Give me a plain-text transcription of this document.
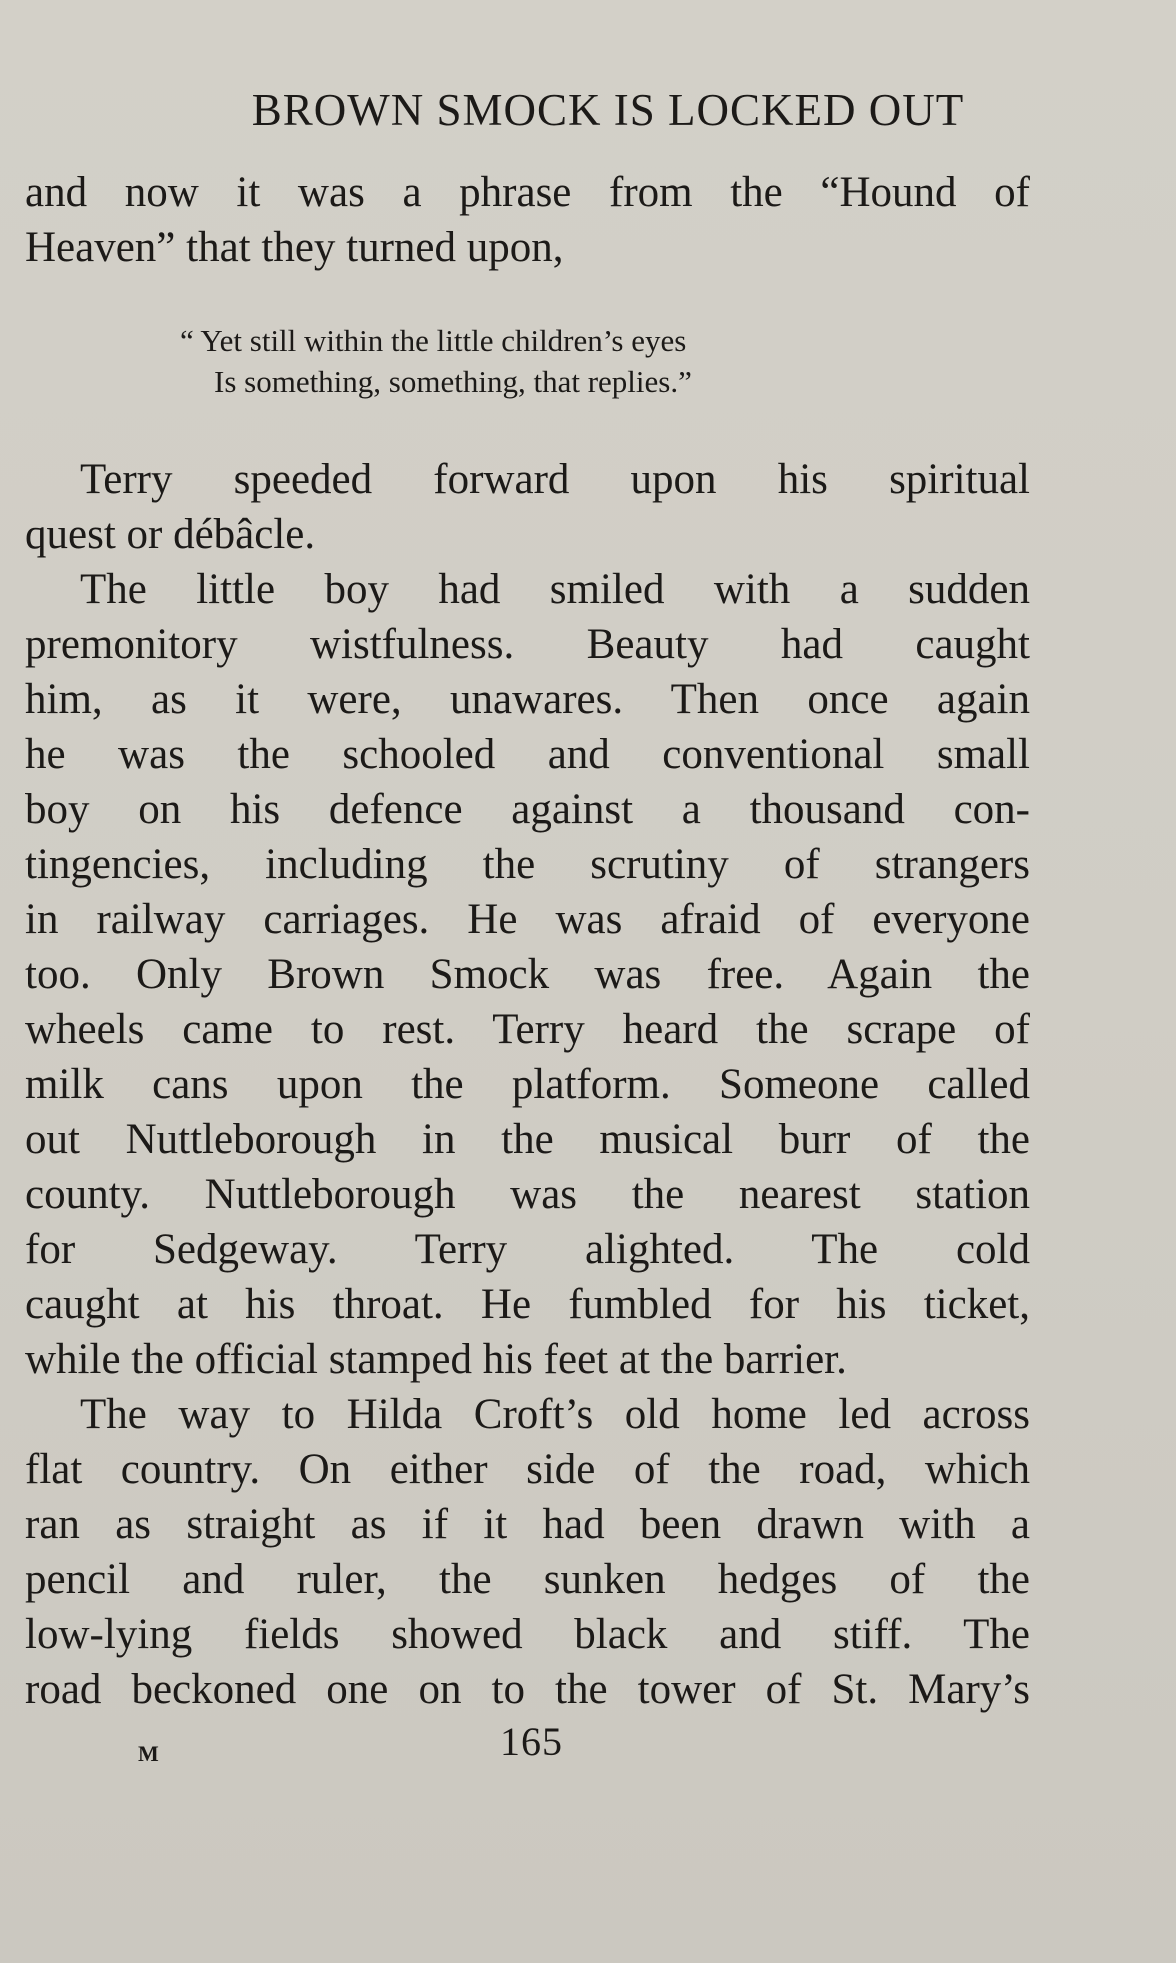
BROWN SMOCK IS LOCKED OUT
and now it was a phrase from the “Hound of
Heaven” that they turned upon,
“ Yet still within the little children’s eyes
Is something, something, that replies.”
Terry speeded forward upon his spiritual
quest or débâcle.
The little boy had smiled with a sudden
premonitory wistfulness. Beauty had caught
him, as it were, unawares. Then once again
he was the schooled and conventional small
boy on his defence against a thousand con-
tingencies, including the scrutiny of strangers
in railway carriages. He was afraid of everyone
too. Only Brown Smock was free. Again the
wheels came to rest. Terry heard the scrape of
milk cans upon the platform. Someone called
out Nuttleborough in the musical burr of the
county. Nuttleborough was the nearest station
for Sedgeway. Terry alighted. The cold
caught at his throat. He fumbled for his ticket,
while the official stamped his feet at the barrier.
The way to Hilda Croft’s old home led across
flat country. On either side of the road, which
ran as straight as if it had been drawn with a
pencil and ruler, the sunken hedges of the
low-lying fields showed black and stiff. The
road beckoned one on to the tower of St. Mary’s
M	165
